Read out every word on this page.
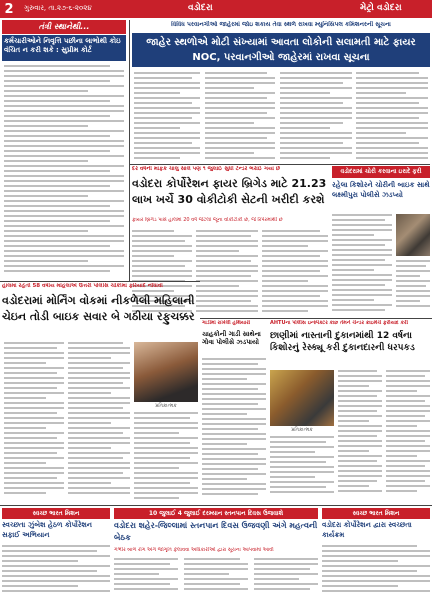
2	ગુરુવાર, તા.૨૭-૬-૨૦૨૪	વડોદરા	મેટ્રો વડોદરા
તંત્રી સ્થાનેથી...
કર્મચારીઓને નિવૃત્તિ પછીના લાભોથી કોઇ વંચિત ન કરી શકે : સુપ્રીમ કોર્ટ
વિવિધ પરવાનગીઓ જાહેરમાં જોઇ શકાય તેવા સ્થળે રાખવા મ્યુનિસિપલ કમિશનરની સૂચના
જાહેર સ્થળોએ મોટી સંખ્યામાં આવતા લોકોની સલામતી માટે ફાયર NOC, પરવાનગીઓ જાહેરમાં રાખવા સૂચના
દર વર્ષની માફક ચાલુ સાલે પણ ૧ જુલાઈ સુધી ટેન્ડર ભરાઈ ગયા છે
વડોદરા કોર્પોરેશન ફાયર બ્રિગેડ માટે 21.23 લાખ ખર્ચે 30 વોકીટોકી સેટની ખરીદી કરશે
ફાયર બ્રિગેડ પાસે હાલમાં 20 વર્ષ જેટલાં જૂના વોકીટોકી છે, જે રિપેરમાંથી છે
વડોદરામાં ચોરી કરવાના ઇરાદે ફરી
રહેલા કિશોરને ચોરીની બાઇક સાથે લક્ષ્મીપુરા પોલીસે ઝડપ્યો
હાલમાં રહેતી 58 વર્ષીય મહિલાએ ઉત્તરી પોલીસ ચોકીમાં ફરિયાદ નોંધાવી
વડોદરામાં મોર્નિંગ વોકમાં નીકળેલી મહિલાની ચેઇન તોડી બાઇક સવાર બે ગઠીયા રફુચક્કર
પ્રતિકાત્મક
ગાડીમાં રાખેલી હથિયારો
ચાહકોની ગાડી સાથેના ગોવા પોલીસે ઝડપાયો
AHTUના પોલીસ ઇન્સ્પેક્ટર કાછ તેમને ચેન્ડર ક્રાઇમેચે ફરીયાદ કરી
છાણીમાં નાસ્તાની દુકાનમાંથી 12 વર્ષના કિશોરનું રેસ્ક્યૂ કરી દુકાનદારની ધરપકડ
પ્રતિકાત્મક
સ્વચ્છ ભારત મિશન
સ્વચ્છતા ઝુંબેશ હેઠળ કોર્પોરેશન સફાઈ અભિયાન
10 જુલાઈ 4 જુલાઈ દરમ્યાન સ્તનપાન દિવસ ઉજવાશે
વડોદરા શહેર-જિલ્લામાં સ્તનપાન દિવસ ઉજવણી અંગે મહત્વની બેઠક
ગંભીર બાળ રોગ અંગે જાગૃતિ ફેલાવવા અધિકારીઓ દ્વારા સૂચના આપવામાં આવી
સ્વચ્છ ભારત મિશન
વડોદરા કોર્પોરેશન દ્વારા સ્વચ્છતા કાર્યક્રમ
